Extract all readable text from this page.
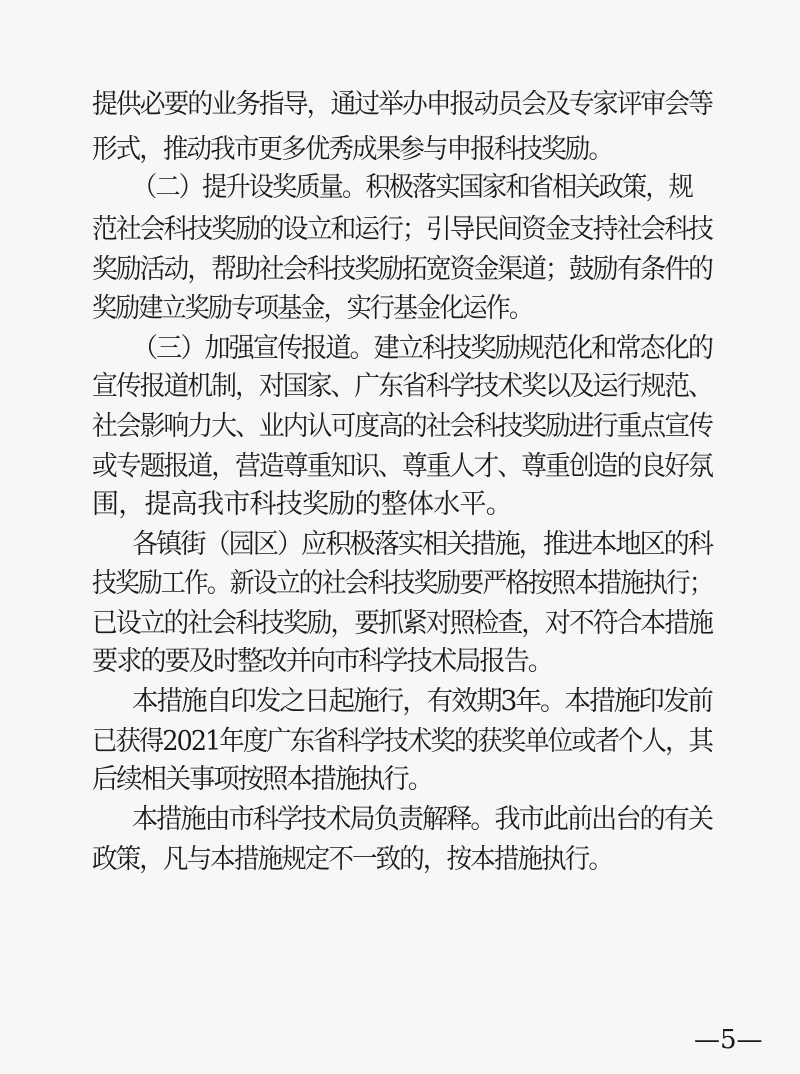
提供必要的业务指导，通过举办申报动员会及专家评审会等
形式，推动我市更多优秀成果参与申报科技奖励。
（二）提升设奖质量。积极落实国家和省相关政策，规
范社会科技奖励的设立和运行；引导民间资金支持社会科技
奖励活动，帮助社会科技奖励拓宽资金渠道；鼓励有条件的
奖励建立奖励专项基金，实行基金化运作。
（三）加强宣传报道。建立科技奖励规范化和常态化的
宣传报道机制，对国家、广东省科学技术奖以及运行规范、
社会影响力大、业内认可度高的社会科技奖励进行重点宣传
或专题报道，营造尊重知识、尊重人才、尊重创造的良好氛
围，提高我市科技奖励的整体水平。
各镇街（园区）应积极落实相关措施，推进本地区的科
技奖励工作。新设立的社会科技奖励要严格按照本措施执行；
已设立的社会科技奖励，要抓紧对照检查，对不符合本措施
要求的要及时整改并向市科学技术局报告。
本措施自印发之日起施行，有效期3年。本措施印发前
已获得2021年度广东省科学技术奖的获奖单位或者个人，其
后续相关事项按照本措施执行。
本措施由市科学技术局负责解释。我市此前出台的有关
政策，凡与本措施规定不一致的，按本措施执行。
—5—
